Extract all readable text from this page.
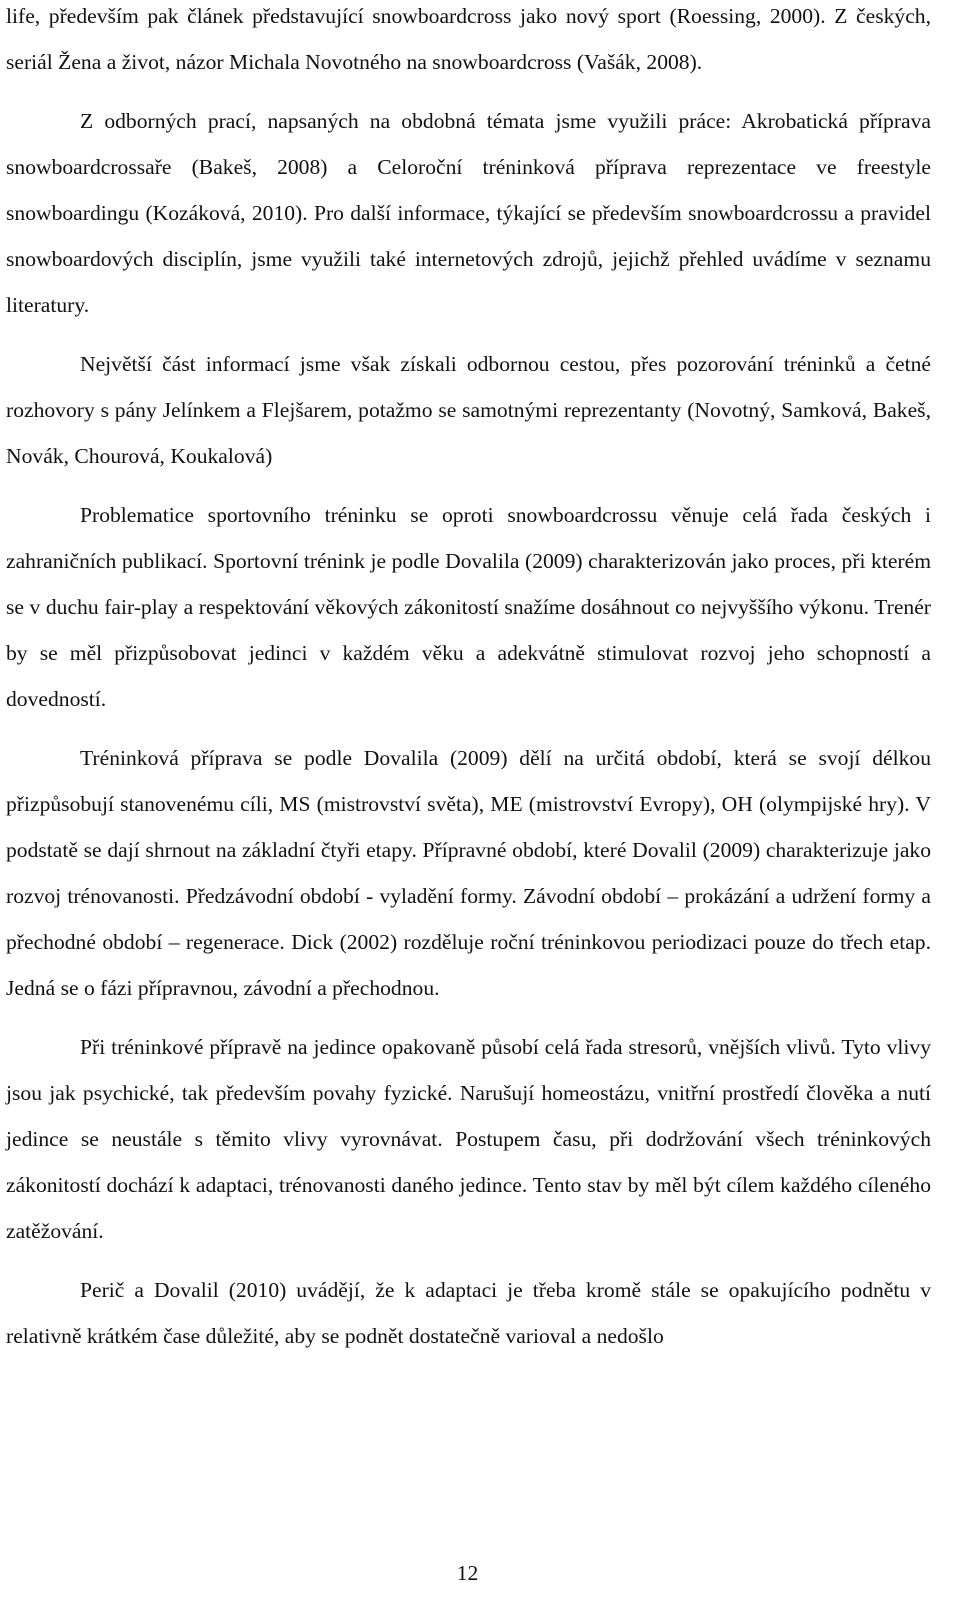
life, především pak článek představující snowboardcross jako nový sport (Roessing, 2000). Z českých, seriál Žena a život, názor Michala Novotného na snowboardcross (Vašák, 2008).

Z odborných prací, napsaných na obdobná témata jsme využili práce: Akrobatická příprava snowboardcrossaře (Bakeš, 2008) a Celoroční tréninková příprava reprezentace ve freestyle snowboardingu (Kozáková, 2010). Pro další informace, týkající se především snowboardcrossu a pravidel snowboardových disciplín, jsme využili také internetových zdrojů, jejichž přehled uvádíme v seznamu literatury.

Největší část informací jsme však získali odbornou cestou, přes pozorování tréninků a četné rozhovory s pány Jelínkem a Flejšarem, potažmo se samotnými reprezentanty (Novotný, Samková, Bakeš, Novák, Chourová, Koukalová)

Problematice sportovního tréninku se oproti snowboardcrossu věnuje celá řada českých i zahraničních publikací. Sportovní trénink je podle Dovalila (2009) charakterizován jako proces, při kterém se v duchu fair-play a respektování věkových zákonitostí snažíme dosáhnout co nejvyššího výkonu. Trenér by se měl přizpůsobovat jedinci v každém věku a adekvátně stimulovat rozvoj jeho schopností a dovedností.

Tréninková příprava se podle Dovalila (2009) dělí na určitá období, která se svojí délkou přizpůsobují stanovenému cíli, MS (mistrovství světa), ME (mistrovství Evropy), OH (olympijské hry). V podstatě se dají shrnout na základní čtyři etapy. Přípravné období, které Dovalil (2009) charakterizuje jako rozvoj trénovanosti. Předzávodní období - vyladění formy. Závodní období – prokázání a udržení formy a přechodné období – regenerace. Dick (2002) rozděluje roční tréninkovou periodizaci pouze do třech etap. Jedná se o fázi přípravnou, závodní a přechodnou.

Při tréninkové přípravě na jedince opakovaně působí celá řada stresorů, vnějších vlivů. Tyto vlivy jsou jak psychické, tak především povahy fyzické. Narušují homeostázu, vnitřní prostředí člověka a nutí jedince se neustále s těmito vlivy vyrovnávat. Postupem času, při dodržování všech tréninkových zákonitostí dochází k adaptaci, trénovanosti daného jedince. Tento stav by měl být cílem každého cíleného zatěžování.

Perič a Dovalil (2010) uvádějí, že k adaptaci je třeba kromě stále se opakujícího podnětu v relativně krátkém čase důležité, aby se podnět dostatečně varioval a nedošlo

12
